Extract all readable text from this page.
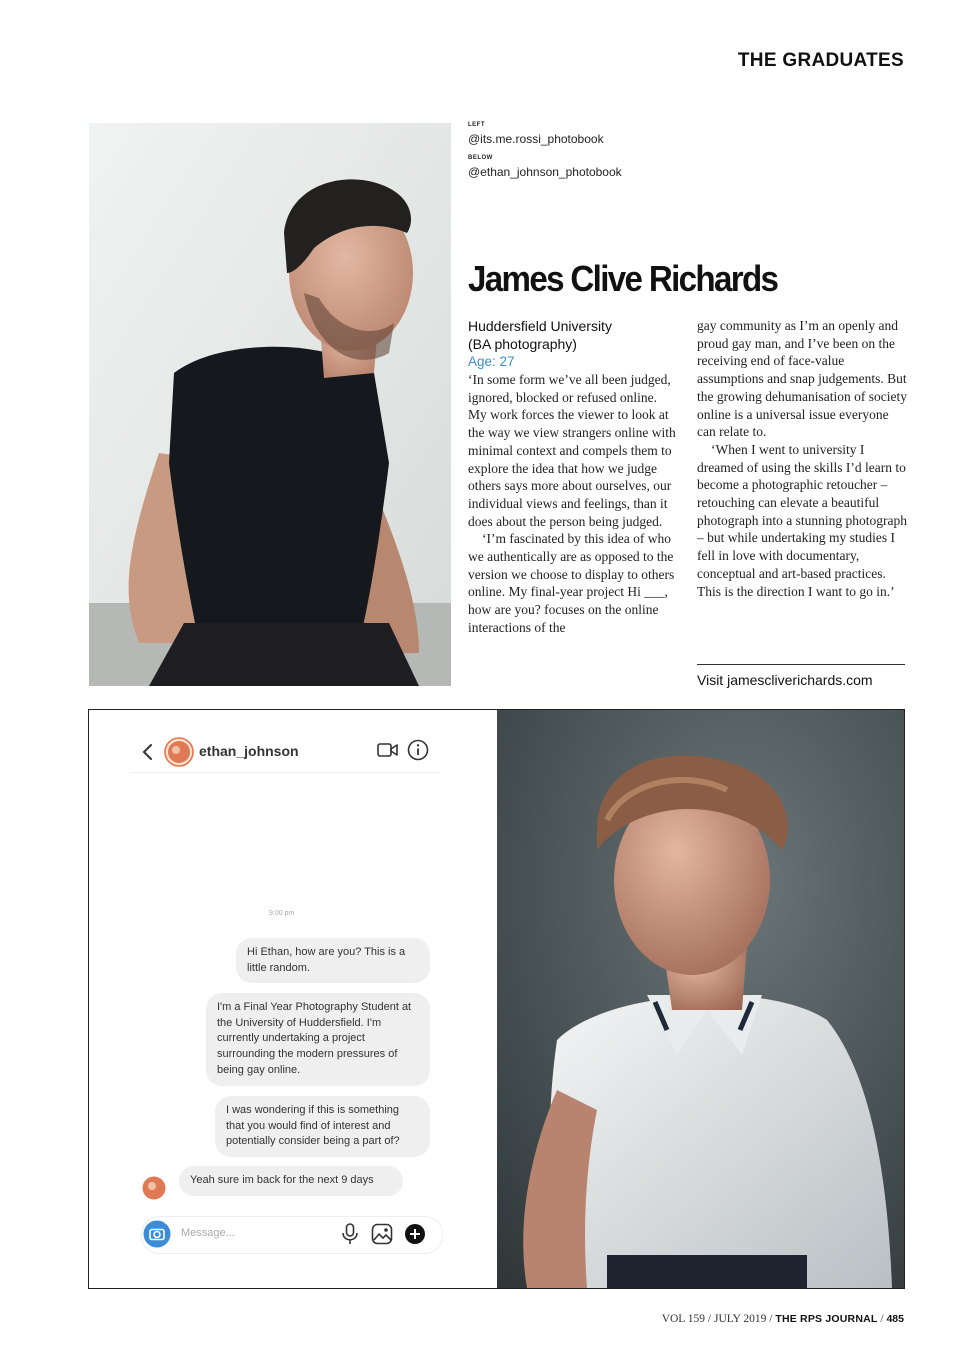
THE GRADUATES
LEFT
@its.me.rossi_photobook
BELOW
@ethan_johnson_photobook
James Clive Richards
Huddersfield University
(BA photography)
Age: 27

‘In some form we’ve all been judged, ignored, blocked or refused online. My work forces the viewer to look at the way we view strangers online with minimal context and compels them to explore the idea that how we judge others says more about ourselves, our individual views and feelings, than it does about the person being judged.

‘I’m fascinated by this idea of who we authentically are as opposed to the version we choose to display to others online. My final-year project Hi ___, how are you? focuses on the online interactions of the

gay community as I’m an openly and proud gay man, and I’ve been on the receiving end of face-value assumptions and snap judgements. But the growing dehumanisation of society online is a universal issue everyone can relate to.

‘When I went to university I dreamed of using the skills I’d learn to become a photographic retoucher – retouching can elevate a beautiful photograph into a stunning photograph – but while undertaking my studies I fell in love with documentary, conceptual and art-based practices. This is the direction I want to go in.’

Visit jamescliverichards.com
ethan_johnson
9:00 pm
Hi Ethan, how are you? This is a little random.
I'm a Final Year Photography Student at the University of Huddersfield. I'm currently undertaking a project surrounding the modern pressures of being gay online.
I was wondering if this is something that you would find of interest and potentially consider being a part of?
Yeah sure im back for the next 9 days
Message...
VOL 159 / JULY 2019 / THE RPS JOURNAL / 485
